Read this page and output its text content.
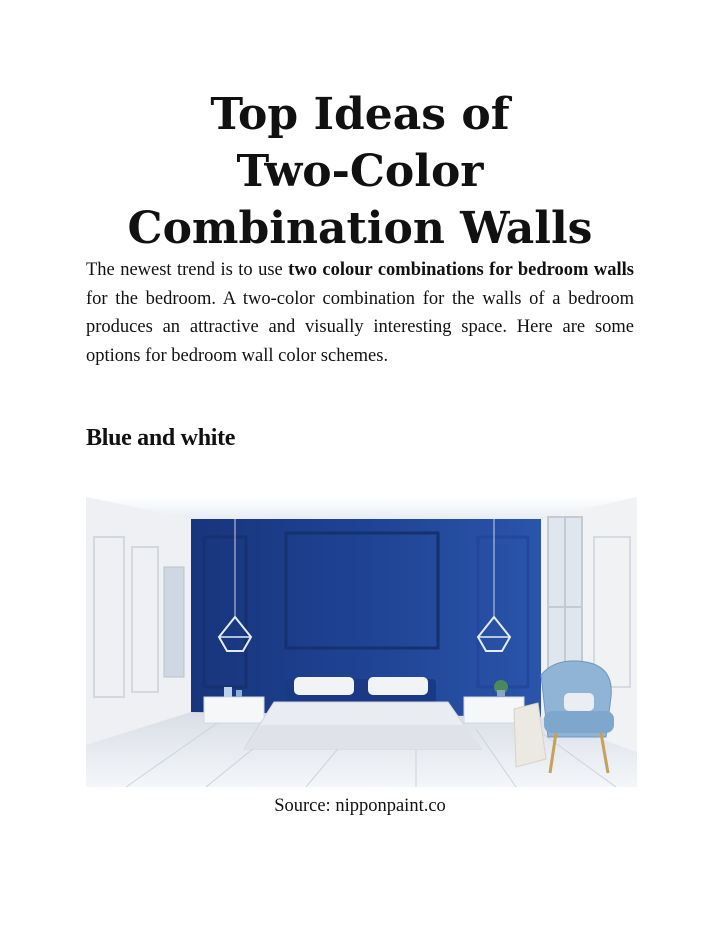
Top Ideas of
Two-Color
Combination Walls

The newest trend is to use two colour combinations for bedroom walls for the bedroom. A two-color combination for the walls of a bedroom produces an attractive and visually interesting space. Here are some options for bedroom wall color schemes.

Blue and white
Source: nipponpaint.co
